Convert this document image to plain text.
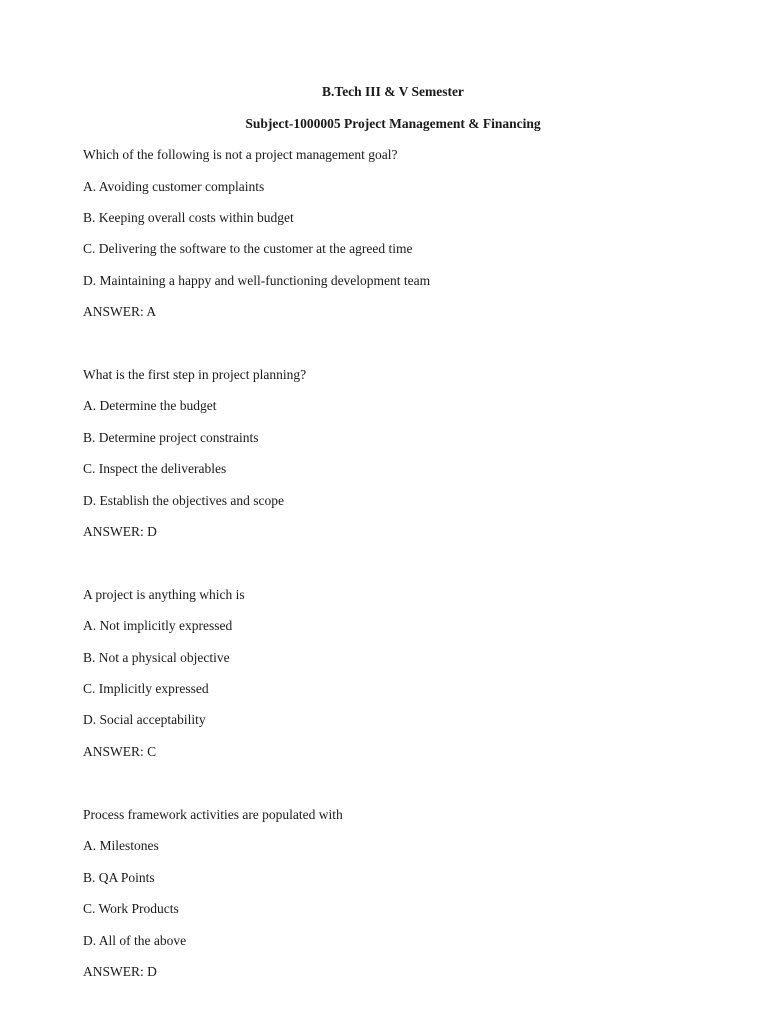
B.Tech III & V Semester
Subject-1000005 Project Management & Financing
Which of the following is not a project management goal?
A. Avoiding customer complaints
B. Keeping overall costs within budget
C. Delivering the software to the customer at the agreed time
D. Maintaining a happy and well-functioning development team
ANSWER: A
What is the first step in project planning?
A. Determine the budget
B. Determine project constraints
C. Inspect the deliverables
D. Establish the objectives and scope
ANSWER: D
A project is anything which is
A. Not implicitly expressed
B. Not a physical objective
C. Implicitly expressed
D. Social acceptability
ANSWER: C
Process framework activities are populated with
A. Milestones
B. QA Points
C. Work Products
D. All of the above
ANSWER: D
